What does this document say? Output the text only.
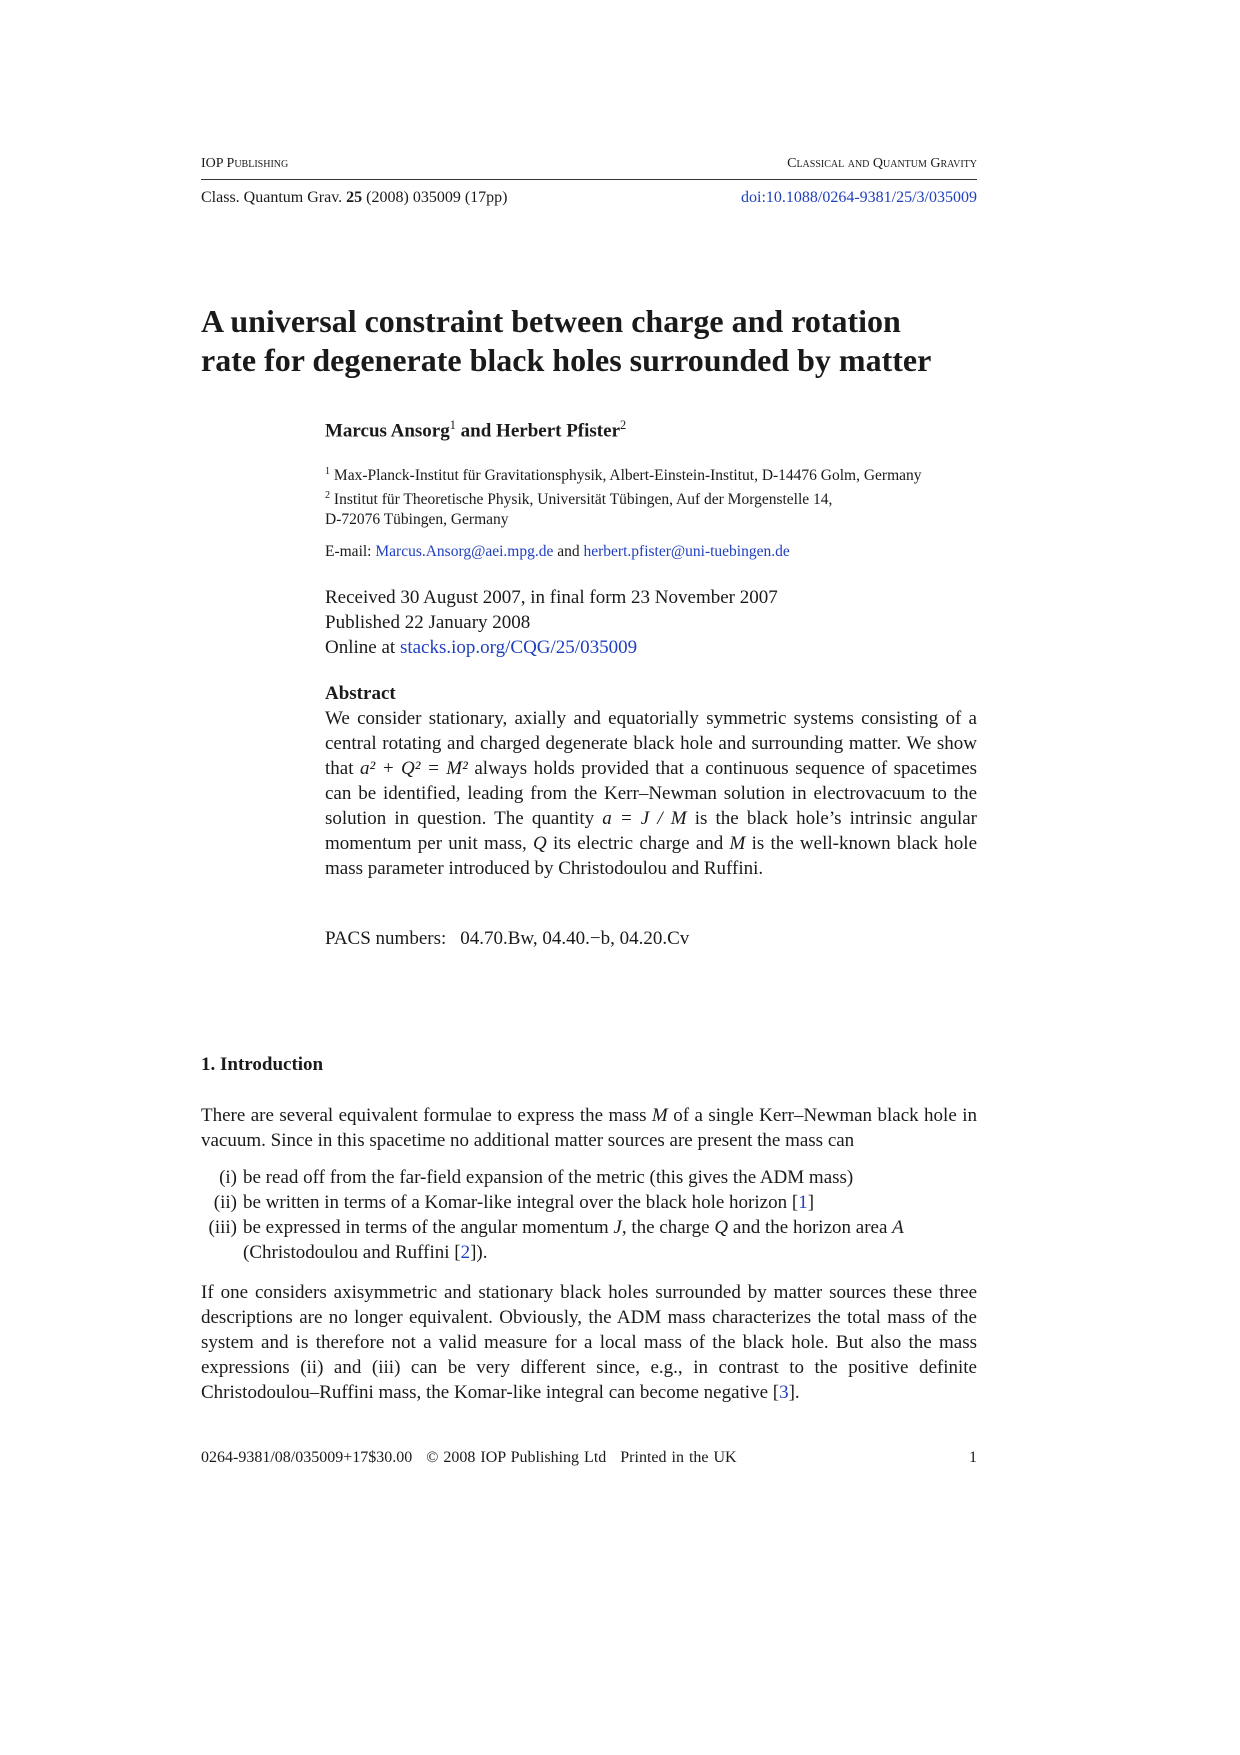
IOP Publishing	Classical and Quantum Gravity
Class. Quantum Grav. 25 (2008) 035009 (17pp)	doi:10.1088/0264-9381/25/3/035009
A universal constraint between charge and rotation
rate for degenerate black holes surrounded by matter
Marcus Ansorg$^1$ and Herbert Pfister$^2$
$^1$ Max-Planck-Institut für Gravitationsphysik, Albert-Einstein-Institut, D-14476 Golm, Germany
$^2$ Institut für Theoretische Physik, Universität Tübingen, Auf der Morgenstelle 14,
D-72076 Tübingen, Germany
E-mail: Marcus.Ansorg@aei.mpg.de and herbert.pfister@uni-tuebingen.de
Received 30 August 2007, in final form 23 November 2007
Published 22 January 2008
Online at stacks.iop.org/CQG/25/035009
Abstract

We consider stationary, axially and equatorially symmetric systems consisting of a central rotating and charged degenerate black hole and surrounding matter. We show that a² + Q² = M² always holds provided that a continuous sequence of spacetimes can be identified, leading from the Kerr–Newman solution in electrovacuum to the solution in question. The quantity a = J / M is the black hole’s intrinsic angular momentum per unit mass, Q its electric charge and M is the well-known black hole mass parameter introduced by Christodoulou and Ruffini.

PACS numbers: 04.70.Bw, 04.40.−b, 04.20.Cv
1. Introduction

There are several equivalent formulae to express the mass M of a single Kerr–Newman black hole in vacuum. Since in this spacetime no additional matter sources are present the mass can

(i) be read off from the far-field expansion of the metric (this gives the ADM mass)
(ii) be written in terms of a Komar-like integral over the black hole horizon [1]
(iii) be expressed in terms of the angular momentum J, the charge Q and the horizon area A (Christodoulou and Ruffini [2]).

If one considers axisymmetric and stationary black holes surrounded by matter sources these three descriptions are no longer equivalent. Obviously, the ADM mass characterizes the total mass of the system and is therefore not a valid measure for a local mass of the black hole. But also the mass expressions (ii) and (iii) can be very different since, e.g., in contrast to the positive definite Christodoulou–Ruffini mass, the Komar-like integral can become negative [3].

0264-9381/08/035009+17$30.00 © 2008 IOP Publishing Ltd Printed in the UK	1
